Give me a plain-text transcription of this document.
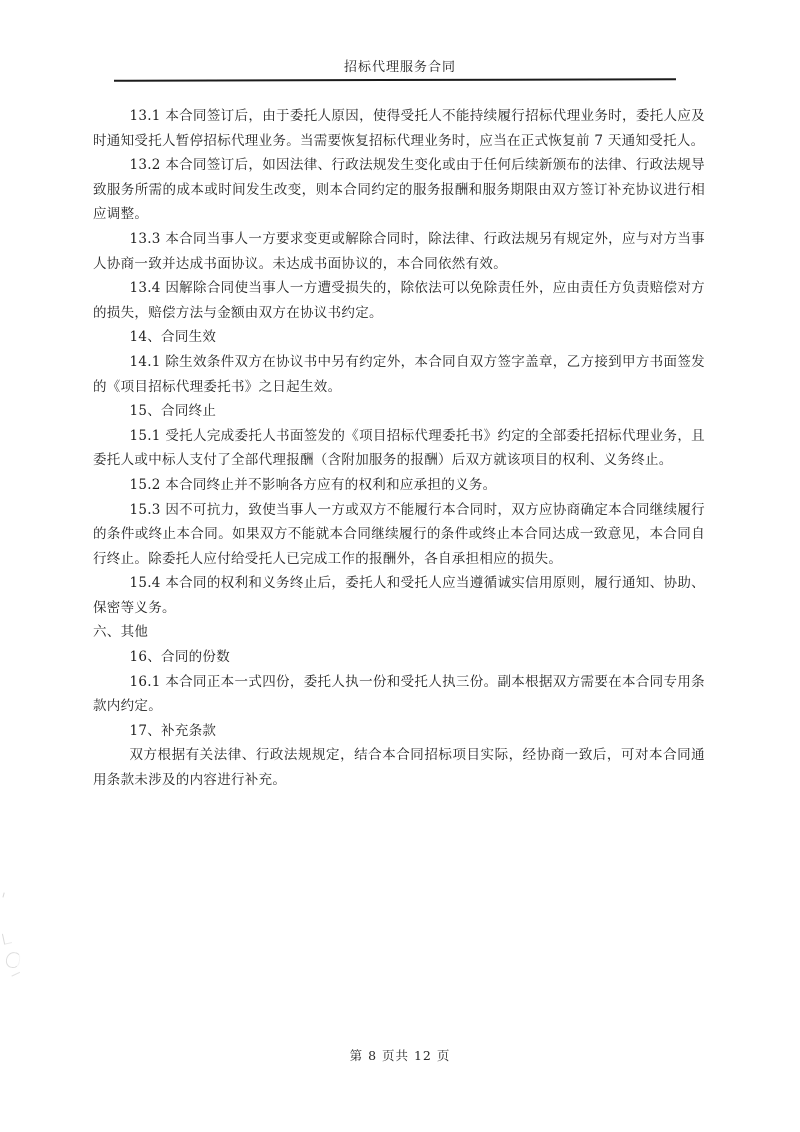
招标代理服务合同

13.1 本合同签订后，由于委托人原因，使得受托人不能持续履行招标代理业务时，委托人应及时通知受托人暂停招标代理业务。当需要恢复招标代理业务时，应当在正式恢复前 7 天通知受托人。

13.2 本合同签订后，如因法律、行政法规发生变化或由于任何后续新颁布的法律、行政法规导致服务所需的成本或时间发生改变，则本合同约定的服务报酬和服务期限由双方签订补充协议进行相应调整。

13.3 本合同当事人一方要求变更或解除合同时，除法律、行政法规另有规定外，应与对方当事人协商一致并达成书面协议。未达成书面协议的，本合同依然有效。

13.4 因解除合同使当事人一方遭受损失的，除依法可以免除责任外，应由责任方负责赔偿对方的损失，赔偿方法与金额由双方在协议书约定。

14、合同生效

14.1 除生效条件双方在协议书中另有约定外，本合同自双方签字盖章，乙方接到甲方书面签发的《项目招标代理委托书》之日起生效。

15、合同终止

15.1 受托人完成委托人书面签发的《项目招标代理委托书》约定的全部委托招标代理业务，且委托人或中标人支付了全部代理报酬（含附加服务的报酬）后双方就该项目的权利、义务终止。

15.2 本合同终止并不影响各方应有的权利和应承担的义务。

15.3 因不可抗力，致使当事人一方或双方不能履行本合同时，双方应协商确定本合同继续履行的条件或终止本合同。如果双方不能就本合同继续履行的条件或终止本合同达成一致意见，本合同自行终止。除委托人应付给受托人已完成工作的报酬外，各自承担相应的损失。

15.4 本合同的权利和义务终止后，委托人和受托人应当遵循诚实信用原则，履行通知、协助、保密等义务。

六、其他

16、合同的份数

16.1 本合同正本一式四份，委托人执一份和受托人执三份。副本根据双方需要在本合同专用条款内约定。

17、补充条款

双方根据有关法律、行政法规规定，结合本合同招标项目实际，经协商一致后，可对本合同通用条款未涉及的内容进行补充。

第 8 页共 12 页
